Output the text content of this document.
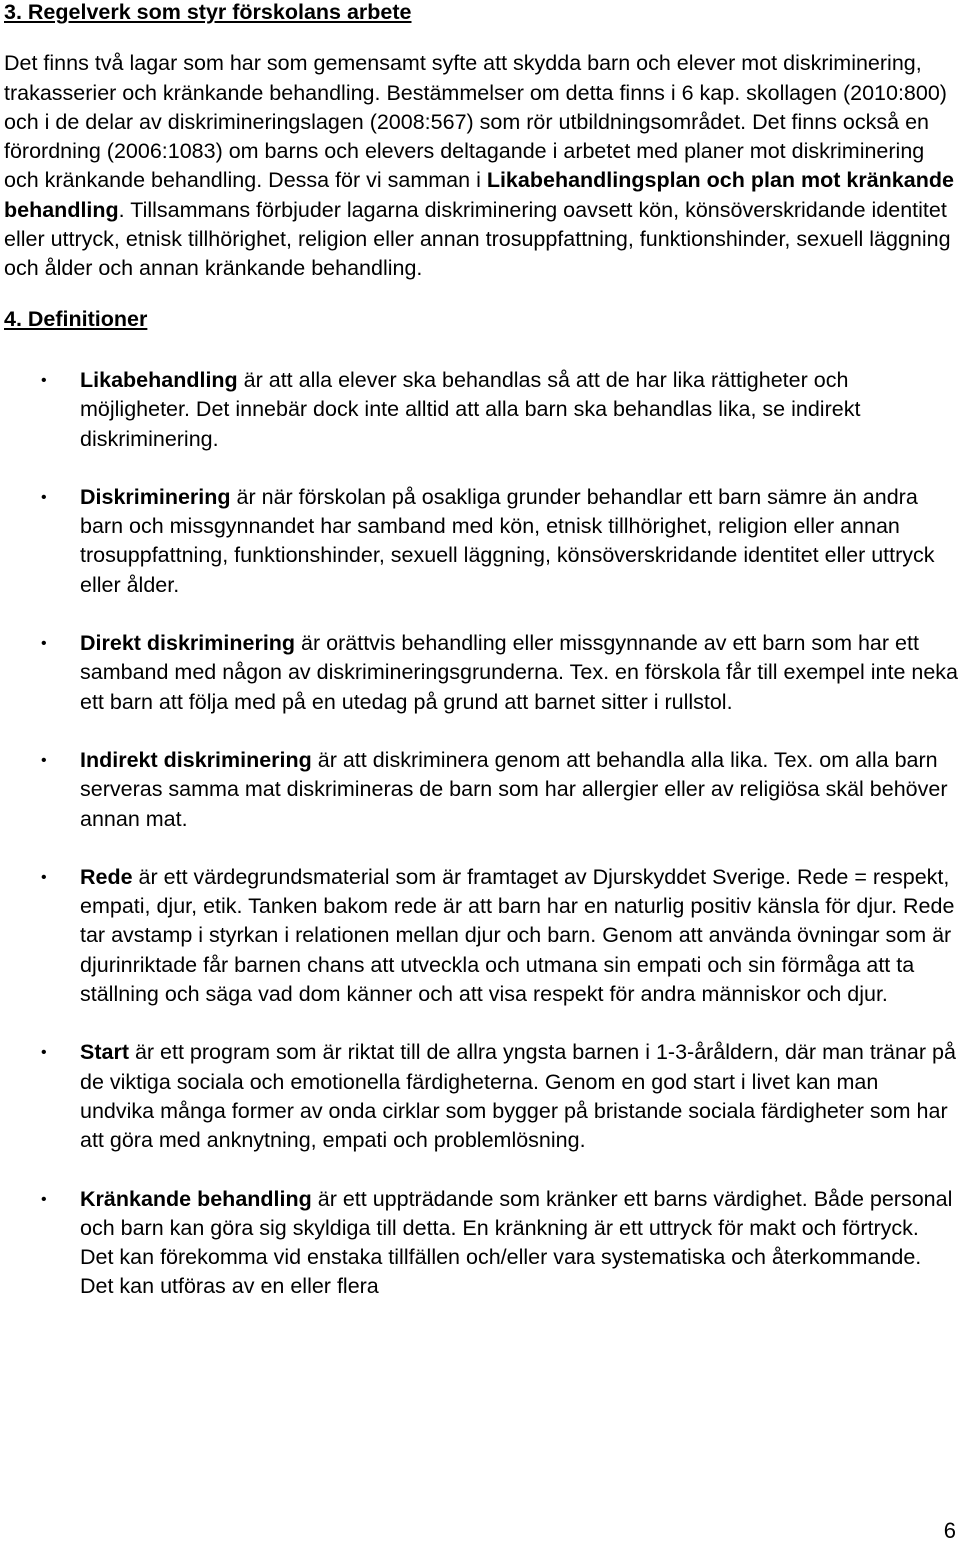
3. Regelverk som styr förskolans arbete

Det finns två lagar som har som gemensamt syfte att skydda barn och elever mot diskriminering, trakasserier och kränkande behandling. Bestämmelser om detta finns i 6 kap. skollagen (2010:800) och i de delar av diskrimineringslagen (2008:567) som rör utbildningsområdet. Det finns också en förordning (2006:1083) om barns och elevers deltagande i arbetet med planer mot diskriminering och kränkande behandling. Dessa för vi samman i Likabehandlingsplan och plan mot kränkande behandling. Tillsammans förbjuder lagarna diskriminering oavsett kön, könsöverskridande identitet eller uttryck, etnisk tillhörighet, religion eller annan trosuppfattning, funktionshinder, sexuell läggning och ålder och annan kränkande behandling.

4. Definitioner
• Likabehandling är att alla elever ska behandlas så att de har lika rättigheter och möjligheter. Det innebär dock inte alltid att alla barn ska behandlas lika, se indirekt diskriminering.
• Diskriminering är när förskolan på osakliga grunder behandlar ett barn sämre än andra barn och missgynnandet har samband med kön, etnisk tillhörighet, religion eller annan trosuppfattning, funktionshinder, sexuell läggning, könsöverskridande identitet eller uttryck eller ålder.
• Direkt diskriminering är orättvis behandling eller missgynnande av ett barn som har ett samband med någon av diskrimineringsgrunderna. Tex. en förskola får till exempel inte neka ett barn att följa med på en utedag på grund att barnet sitter i rullstol.
• Indirekt diskriminering är att diskriminera genom att behandla alla lika. Tex. om alla barn serveras samma mat diskrimineras de barn som har allergier eller av religiösa skäl behöver annan mat.
• Rede är ett värdegrundsmaterial som är framtaget av Djurskyddet Sverige. Rede = respekt, empati, djur, etik. Tanken bakom rede är att barn har en naturlig positiv känsla för djur. Rede tar avstamp i styrkan i relationen mellan djur och barn. Genom att använda övningar som är djurinriktade får barnen chans att utveckla och utmana sin empati och sin förmåga att ta ställning och säga vad dom känner och att visa respekt för andra människor och djur.
• Start är ett program som är riktat till de allra yngsta barnen i 1-3-åråldern, där man tränar på de viktiga sociala och emotionella färdigheterna. Genom en god start i livet kan man undvika många former av onda cirklar som bygger på bristande sociala färdigheter som har att göra med anknytning, empati och problemlösning.
• Kränkande behandling är ett uppträdande som kränker ett barns värdighet. Både personal och barn kan göra sig skyldiga till detta. En kränkning är ett uttryck för makt och förtryck. Det kan förekomma vid enstaka tillfällen och/eller vara systematiska och återkommande. Det kan utföras av en eller flera
6
